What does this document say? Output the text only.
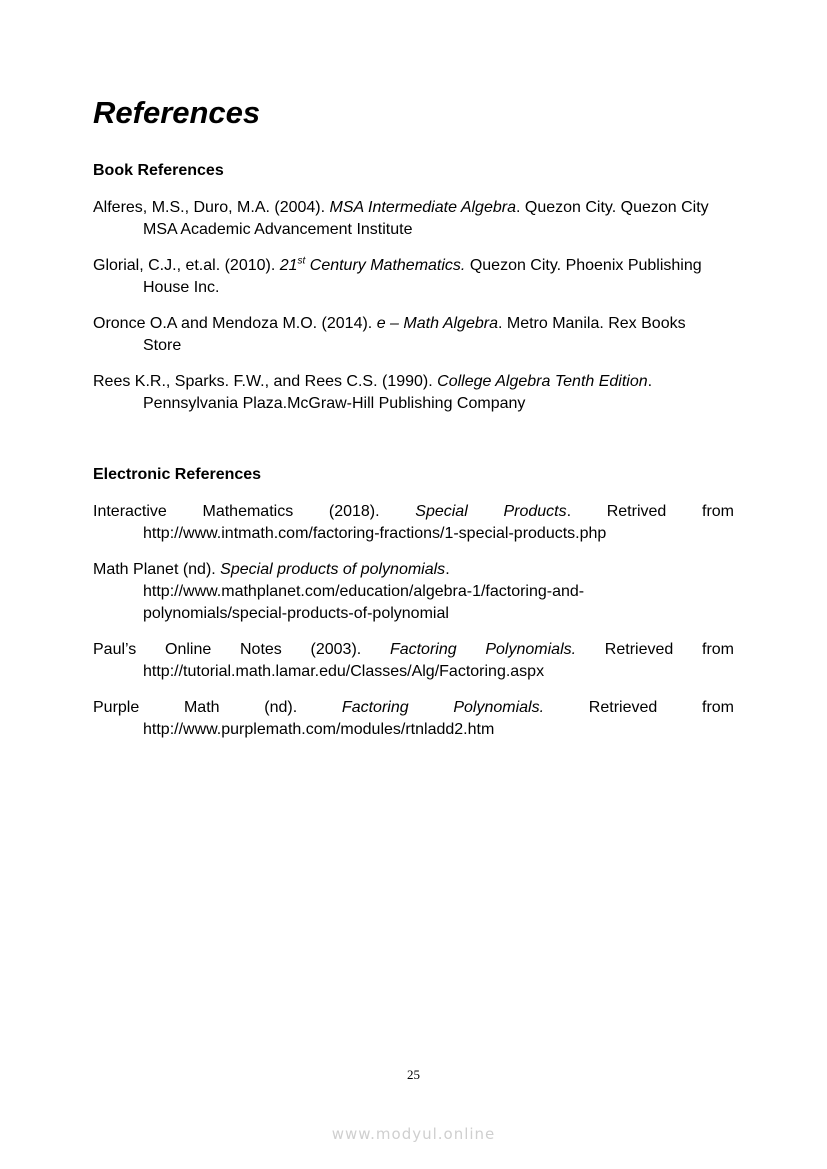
References
Book References

Alferes, M.S., Duro, M.A. (2004). MSA Intermediate Algebra. Quezon City. Quezon City
MSA Academic Advancement Institute

Glorial, C.J., et.al. (2010). 21st Century Mathematics. Quezon City. Phoenix Publishing
House Inc.

Oronce O.A and Mendoza M.O. (2014). e – Math Algebra. Metro Manila. Rex Books
Store

Rees K.R., Sparks. F.W., and Rees C.S. (1990). College Algebra Tenth Edition.
Pennsylvania Plaza.McGraw-Hill Publishing Company

Electronic References

Interactive Mathematics (2018). Special Products. Retrived from
http://www.intmath.com/factoring-fractions/1-special-products.php

Math Planet (nd). Special products of polynomials.
http://www.mathplanet.com/education/algebra-1/factoring-and-
polynomials/special-products-of-polynomial

Paul’s Online Notes (2003). Factoring Polynomials. Retrieved from
http://tutorial.math.lamar.edu/Classes/Alg/Factoring.aspx

Purple Math (nd). Factoring Polynomials. Retrieved from
http://www.purplemath.com/modules/rtnladd2.htm

25

www.modyul.online
